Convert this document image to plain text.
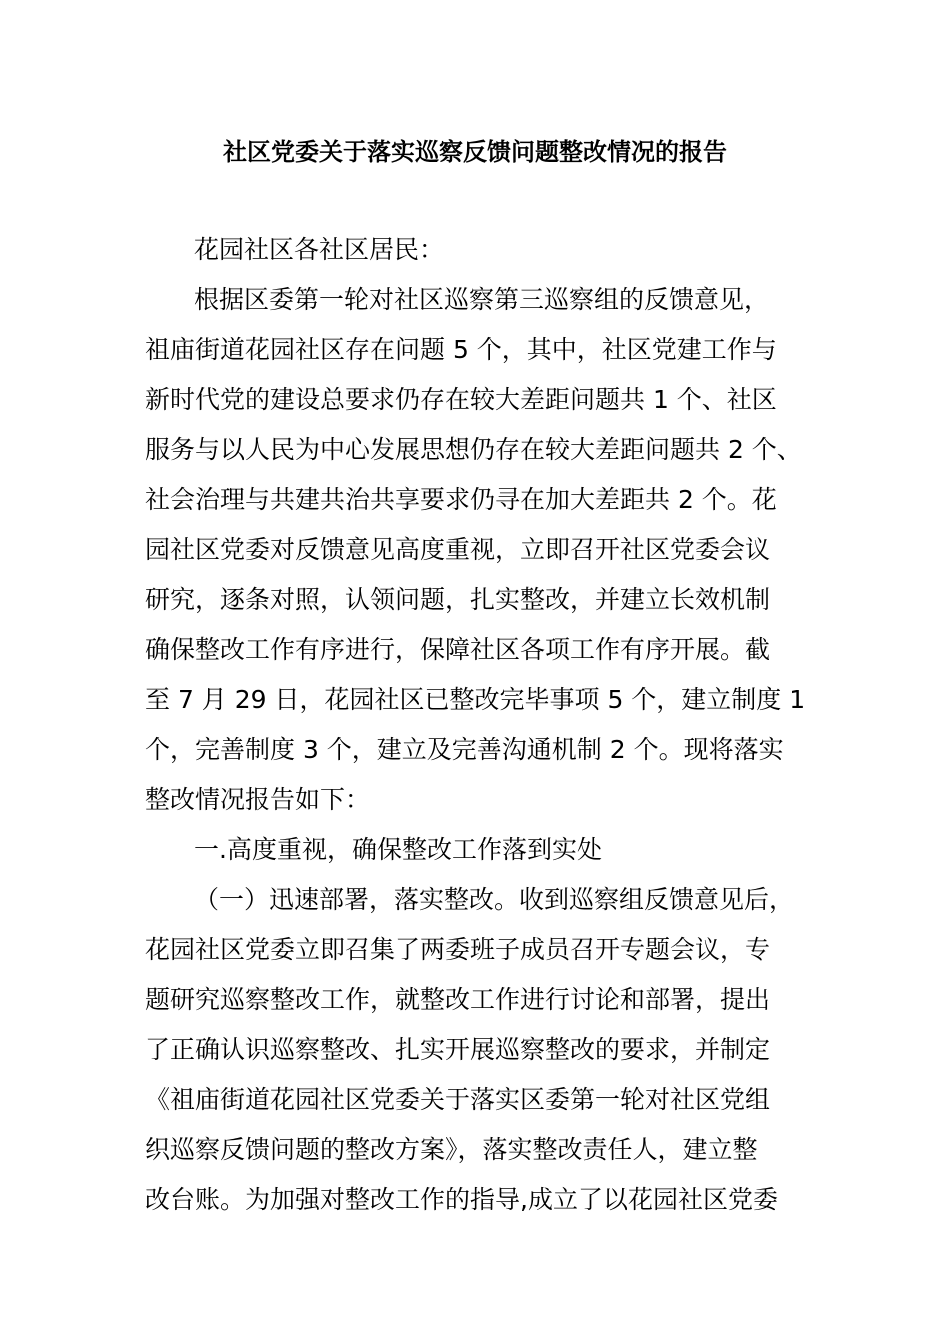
社区党委关于落实巡察反馈问题整改情况的报告
花园社区各社区居民：
根据区委第一轮对社区巡察第三巡察组的反馈意见，
祖庙街道花园社区存在问题 5 个，其中，社区党建工作与
新时代党的建设总要求仍存在较大差距问题共 1 个、社区
服务与以人民为中心发展思想仍存在较大差距问题共 2 个、
社会治理与共建共治共享要求仍寻在加大差距共 2 个。花
园社区党委对反馈意见高度重视，立即召开社区党委会议
研究，逐条对照，认领问题，扎实整改，并建立长效机制
确保整改工作有序进行，保障社区各项工作有序开展。截
至 7 月 29 日，花园社区已整改完毕事项 5 个，建立制度 1
个，完善制度 3 个，建立及完善沟通机制 2 个。现将落实
整改情况报告如下：
一.高度重视，确保整改工作落到实处
（一）迅速部署，落实整改。收到巡察组反馈意见后，
花园社区党委立即召集了两委班子成员召开专题会议，专
题研究巡察整改工作，就整改工作进行讨论和部署，提出
了正确认识巡察整改、扎实开展巡察整改的要求，并制定
《祖庙街道花园社区党委关于落实区委第一轮对社区党组
织巡察反馈问题的整改方案》，落实整改责任人，建立整
改台账。为加强对整改工作的指导,成立了以花园社区党委
